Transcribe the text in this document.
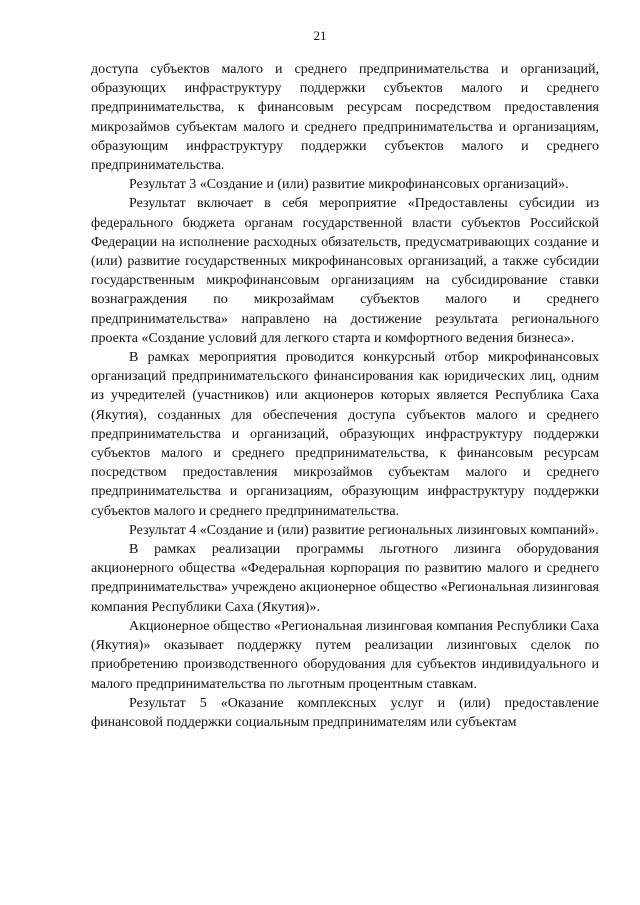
21

доступа субъектов малого и среднего предпринимательства и организаций, образующих инфраструктуру поддержки субъектов малого и среднего предпринимательства, к финансовым ресурсам посредством предоставления микрозаймов субъектам малого и среднего предпринимательства и организациям, образующим инфраструктуру поддержки субъектов малого и среднего предпринимательства.

Результат 3 «Создание и (или) развитие микрофинансовых организаций».

Результат включает в себя мероприятие «Предоставлены субсидии из федерального бюджета органам государственной власти субъектов Российской Федерации на исполнение расходных обязательств, предусматривающих создание и (или) развитие государственных микрофинансовых организаций, а также субсидии государственным микрофинансовым организациям на субсидирование ставки вознаграждения по микрозаймам субъектов малого и среднего предпринимательства» направлено на достижение результата регионального проекта «Создание условий для легкого старта и комфортного ведения бизнеса».

В рамках мероприятия проводится конкурсный отбор микрофинансовых организаций предпринимательского финансирования как юридических лиц, одним из учредителей (участников) или акционеров которых является Республика Саха (Якутия), созданных для обеспечения доступа субъектов малого и среднего предпринимательства и организаций, образующих инфраструктуру поддержки субъектов малого и среднего предпринимательства, к финансовым ресурсам посредством предоставления микрозаймов субъектам малого и среднего предпринимательства и организациям, образующим инфраструктуру поддержки субъектов малого и среднего предпринимательства.

Результат 4 «Создание и (или) развитие региональных лизинговых компаний».

В рамках реализации программы льготного лизинга оборудования акционерного общества «Федеральная корпорация по развитию малого и среднего предпринимательства» учреждено акционерное общество «Региональная лизинговая компания Республики Саха (Якутия)».

Акционерное общество «Региональная лизинговая компания Республики Саха (Якутия)» оказывает поддержку путем реализации лизинговых сделок по приобретению производственного оборудования для субъектов индивидуального и малого предпринимательства по льготным процентным ставкам.

Результат 5 «Оказание комплексных услуг и (или) предоставление финансовой поддержки социальным предпринимателям или субъектам
